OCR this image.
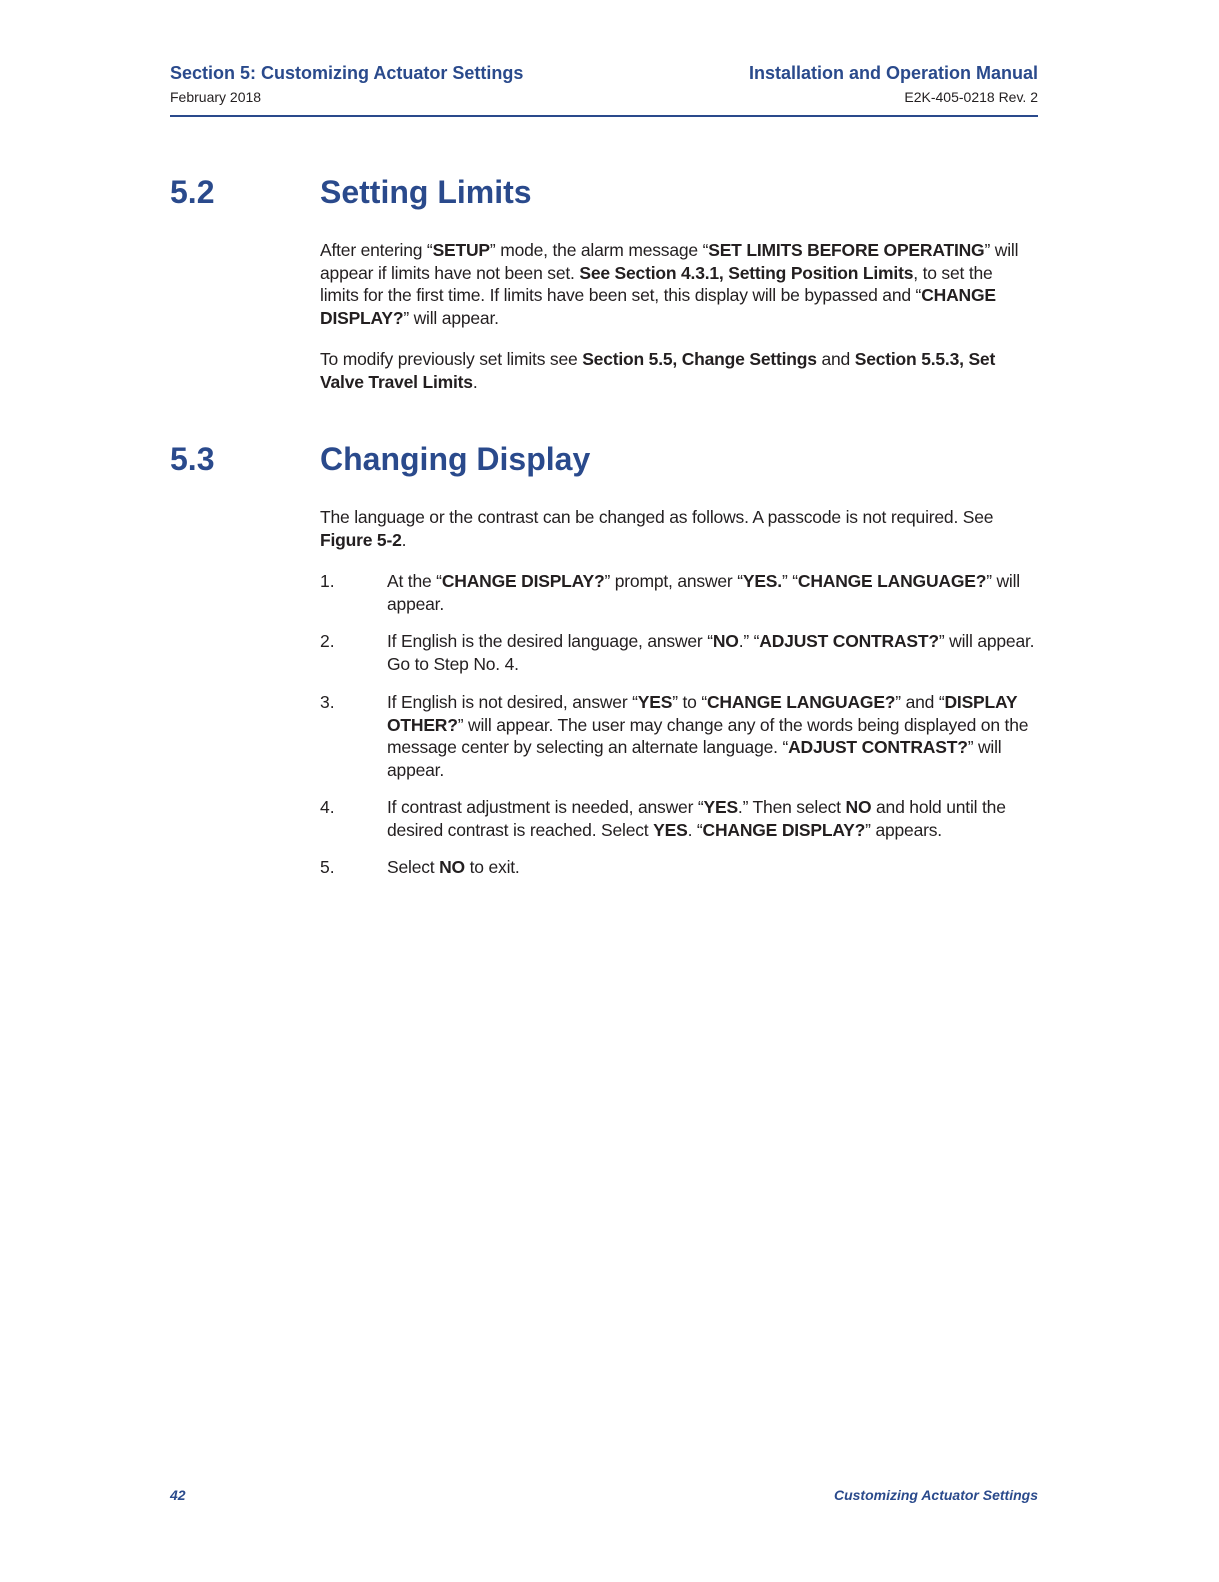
Section 5: Customizing Actuator Settings	Installation and Operation Manual
February 2018	E2K-405-0218 Rev. 2
5.2	Setting Limits
After entering “SETUP” mode, the alarm message “SET LIMITS BEFORE OPERATING” will appear if limits have not been set. See Section 4.3.1, Setting Position Limits, to set the limits for the first time. If limits have been set, this display will be bypassed and “CHANGE DISPLAY?” will appear.
To modify previously set limits see Section 5.5, Change Settings and Section 5.5.3, Set Valve Travel Limits.
5.3	Changing Display
The language or the contrast can be changed as follows. A passcode is not required. See Figure 5-2.
1.	At the “CHANGE DISPLAY?” prompt, answer “YES.” “CHANGE LANGUAGE?” will appear.
2.	If English is the desired language, answer “NO.” “ADJUST CONTRAST?” will appear. Go to Step No. 4.
3.	If English is not desired, answer “YES” to “CHANGE LANGUAGE?” and “DISPLAY OTHER?” will appear. The user may change any of the words being displayed on the message center by selecting an alternate language. “ADJUST CONTRAST?” will appear.
4.	If contrast adjustment is needed, answer “YES.” Then select NO and hold until the desired contrast is reached. Select YES. “CHANGE DISPLAY?” appears.
5.	Select NO to exit.
42	Customizing Actuator Settings
